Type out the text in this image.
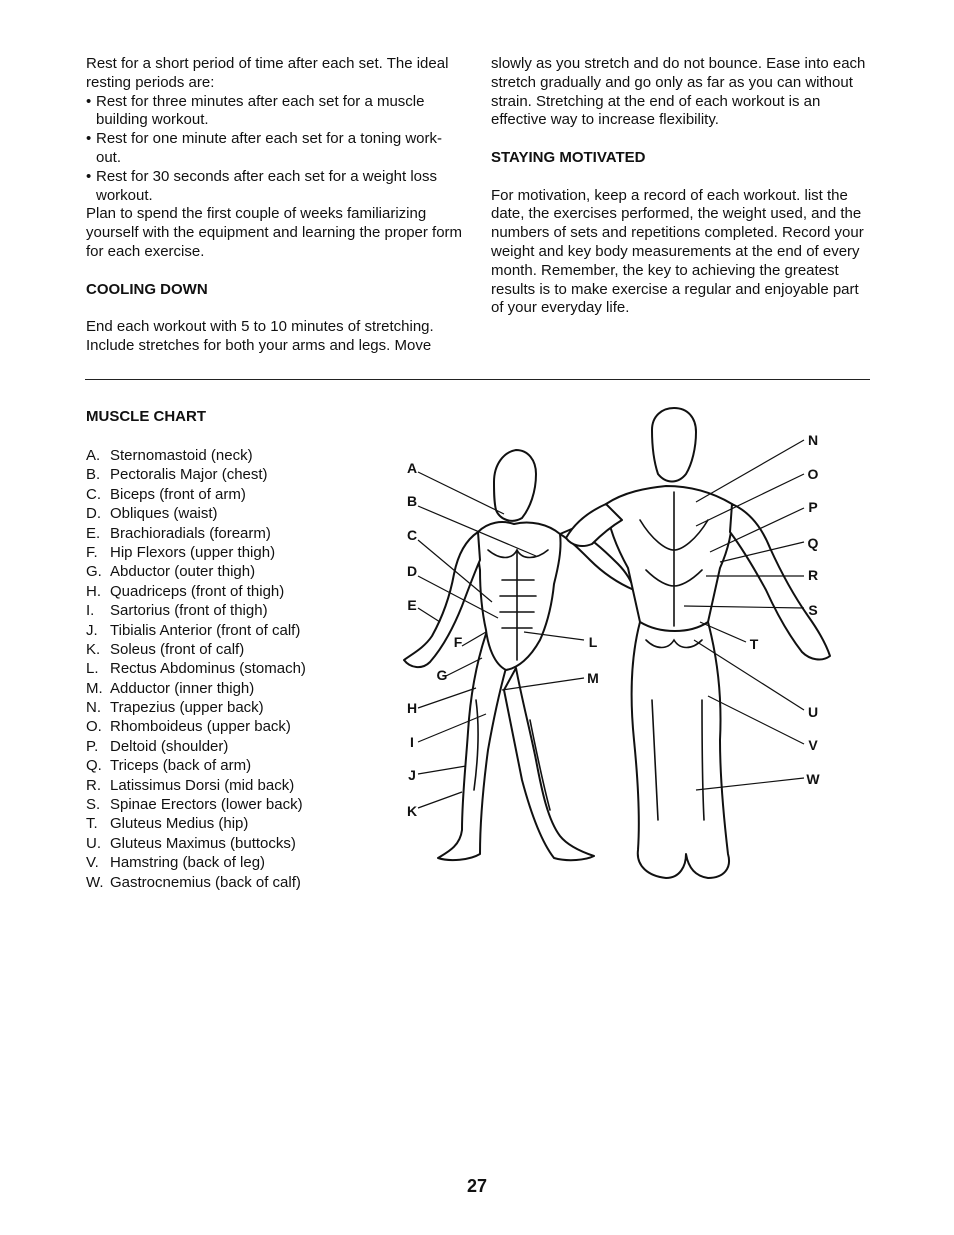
Rest for a short period of time after each set. The ideal resting periods are:

• Rest for three minutes after each set for a muscle building workout.
• Rest for one minute after each set for a toning work-out.
• Rest for 30 seconds after each set for a weight loss workout.

Plan to spend the first couple of weeks familiarizing yourself with the equipment and learning the proper form for each exercise.

COOLING DOWN

End each workout with 5 to 10 minutes of stretching. Include stretches for both your arms and legs. Move

slowly as you stretch and do not bounce. Ease into each stretch gradually and go only as far as you can without strain. Stretching at the end of each workout is an effective way to increase flexibility.

STAYING MOTIVATED

For motivation, keep a record of each workout. list the date, the exercises performed, the weight used, and the numbers of sets and repetitions completed. Record your weight and key body measurements at the end of every month. Remember, the key to achieving the greatest results is to make exercise a regular and enjoyable part of your everyday life.

MUSCLE CHART
A. Sternomastoid (neck)
B. Pectoralis Major (chest)
C. Biceps (front of arm)
D. Obliques (waist)
E. Brachioradials (forearm)
F. Hip Flexors (upper thigh)
G. Abductor (outer thigh)
H. Quadriceps (front of thigh)
I.	Sartorius (front of thigh)
J. Tibialis Anterior (front of calf)
K. Soleus (front of calf)
L. Rectus Abdominus (stomach)
M. Adductor (inner thigh)
N. Trapezius (upper back)
O. Rhomboideus (upper back)
P. Deltoid (shoulder)
Q. Triceps (back of arm)
R. Latissimus Dorsi (mid back)
S. Spinae Erectors (lower back)
T. Gluteus Medius (hip)
U. Gluteus Maximus (buttocks)
V. Hamstring (back of leg)
W. Gastrocnemius (back of calf)
A
B
C
D
E
F
G
H
I
J
K
L
M
N
O
P
Q
R
S
T
U
V
W
27
